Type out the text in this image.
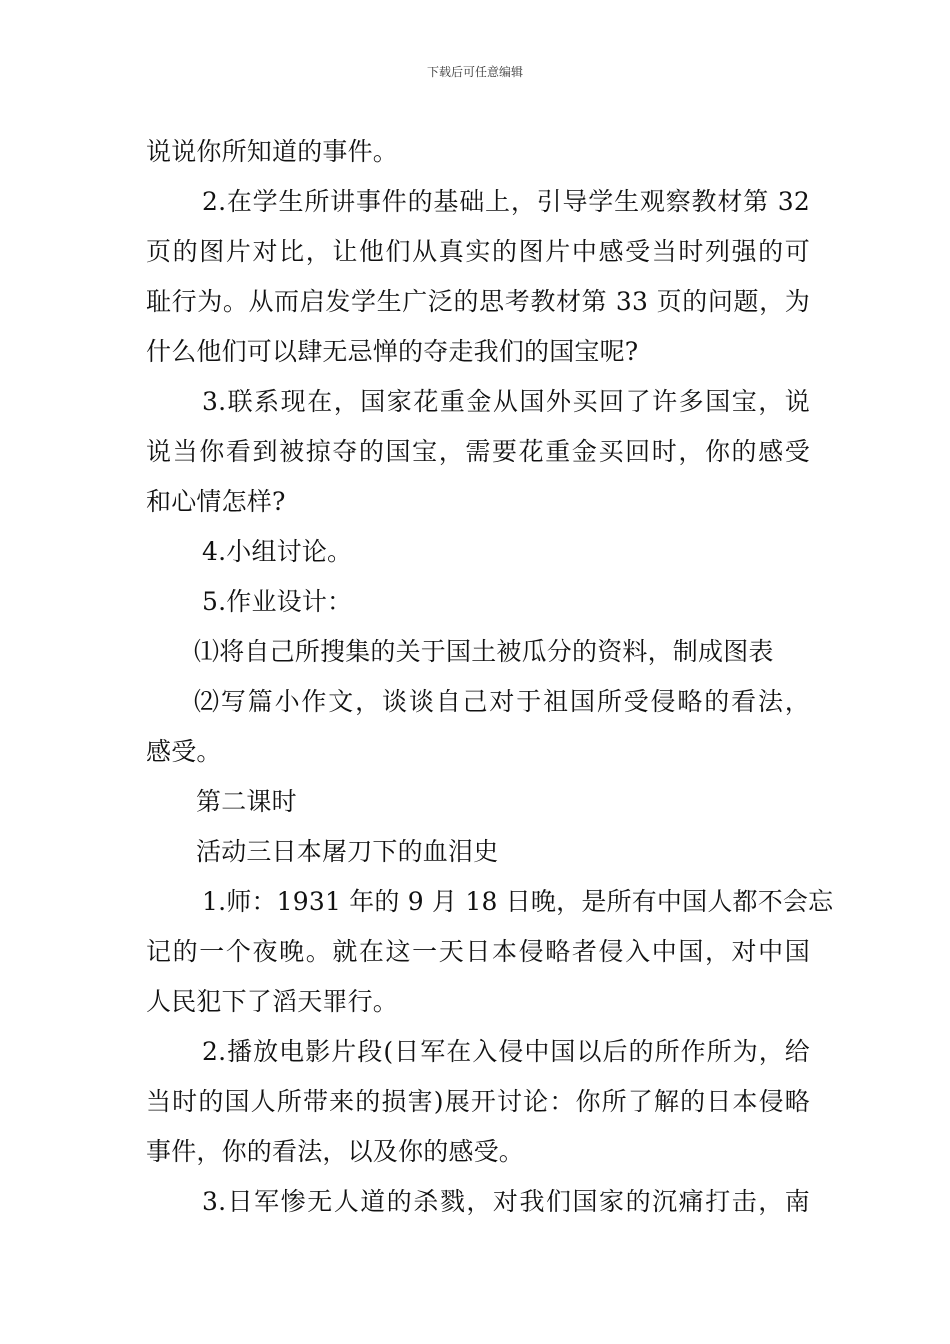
下载后可任意编辑
说说你所知道的事件。
2.在学生所讲事件的基础上，引导学生观察教材第 32
页的图片对比，让他们从真实的图片中感受当时列强的可
耻行为。从而启发学生广泛的思考教材第 33 页的问题，为
什么他们可以肆无忌惮的夺走我们的国宝呢?
3.联系现在，国家花重金从国外买回了许多国宝，说
说当你看到被掠夺的国宝，需要花重金买回时，你的感受
和心情怎样?
4.小组讨论。
5.作业设计：
⑴将自己所搜集的关于国土被瓜分的资料，制成图表
⑵写篇小作文，谈谈自己对于祖国所受侵略的看法，
感受。
第二课时
活动三日本屠刀下的血泪史
1.师：1931 年的 9 月 18 日晚，是所有中国人都不会忘
记的一个夜晚。就在这一天日本侵略者侵入中国，对中国
人民犯下了滔天罪行。
2.播放电影片段(日军在入侵中国以后的所作所为，给
当时的国人所带来的损害)展开讨论：你所了解的日本侵略
事件，你的看法，以及你的感受。
3.日军惨无人道的杀戮，对我们国家的沉痛打击，南
